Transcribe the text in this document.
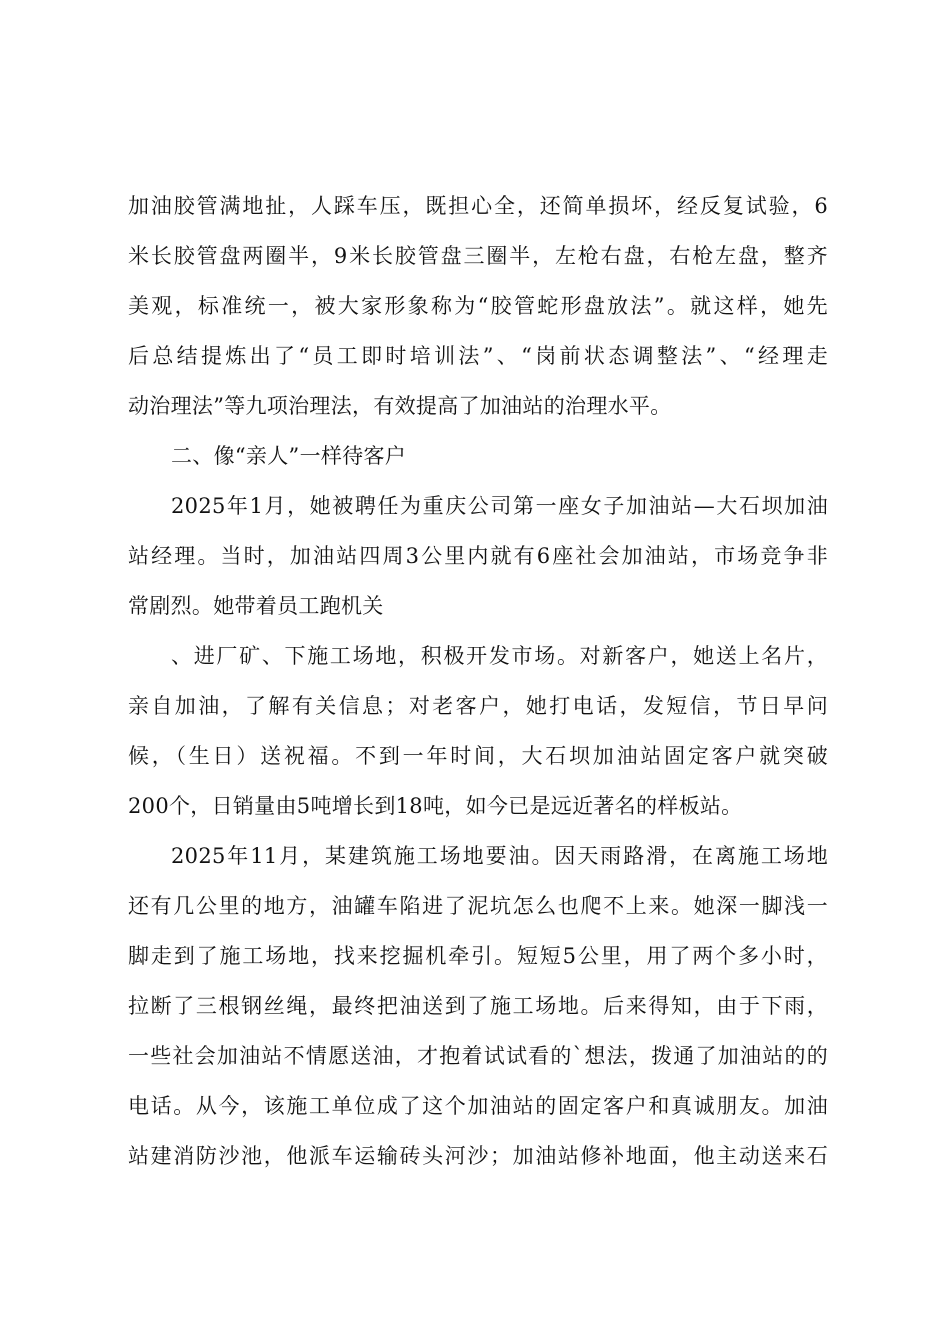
加油胶管满地扯，人踩车压，既担心全，还简单损坏，经反复试验，6
米长胶管盘两圈半，9米长胶管盘三圈半，左枪右盘，右枪左盘，整齐
美观，标准统一，被大家形象称为“胶管蛇形盘放法”。就这样，她先
后总结提炼出了“员工即时培训法”、“岗前状态调整法”、“经理走
动治理法”等九项治理法，有效提高了加油站的治理水平。
二、像“亲人”一样待客户
2025年1月，她被聘任为重庆公司第一座女子加油站—大石坝加油
站经理。当时，加油站四周3公里内就有6座社会加油站，市场竞争非
常剧烈。她带着员工跑机关
、进厂矿、下施工场地，积极开发市场。对新客户，她送上名片，
亲自加油，了解有关信息；对老客户，她打电话，发短信，节日早问
候，（生日）送祝福。不到一年时间，大石坝加油站固定客户就突破
200个，日销量由5吨增长到18吨，如今已是远近著名的样板站。
2025年11月，某建筑施工场地要油。因天雨路滑，在离施工场地
还有几公里的地方，油罐车陷进了泥坑怎么也爬不上来。她深一脚浅一
脚走到了施工场地，找来挖掘机牵引。短短5公里，用了两个多小时，
拉断了三根钢丝绳，最终把油送到了施工场地。后来得知，由于下雨，
一些社会加油站不情愿送油，才抱着试试看的`想法，拨通了加油站的的
电话。从今，该施工单位成了这个加油站的固定客户和真诚朋友。加油
站建消防沙池，他派车运输砖头河沙；加油站修补地面，他主动送来石
